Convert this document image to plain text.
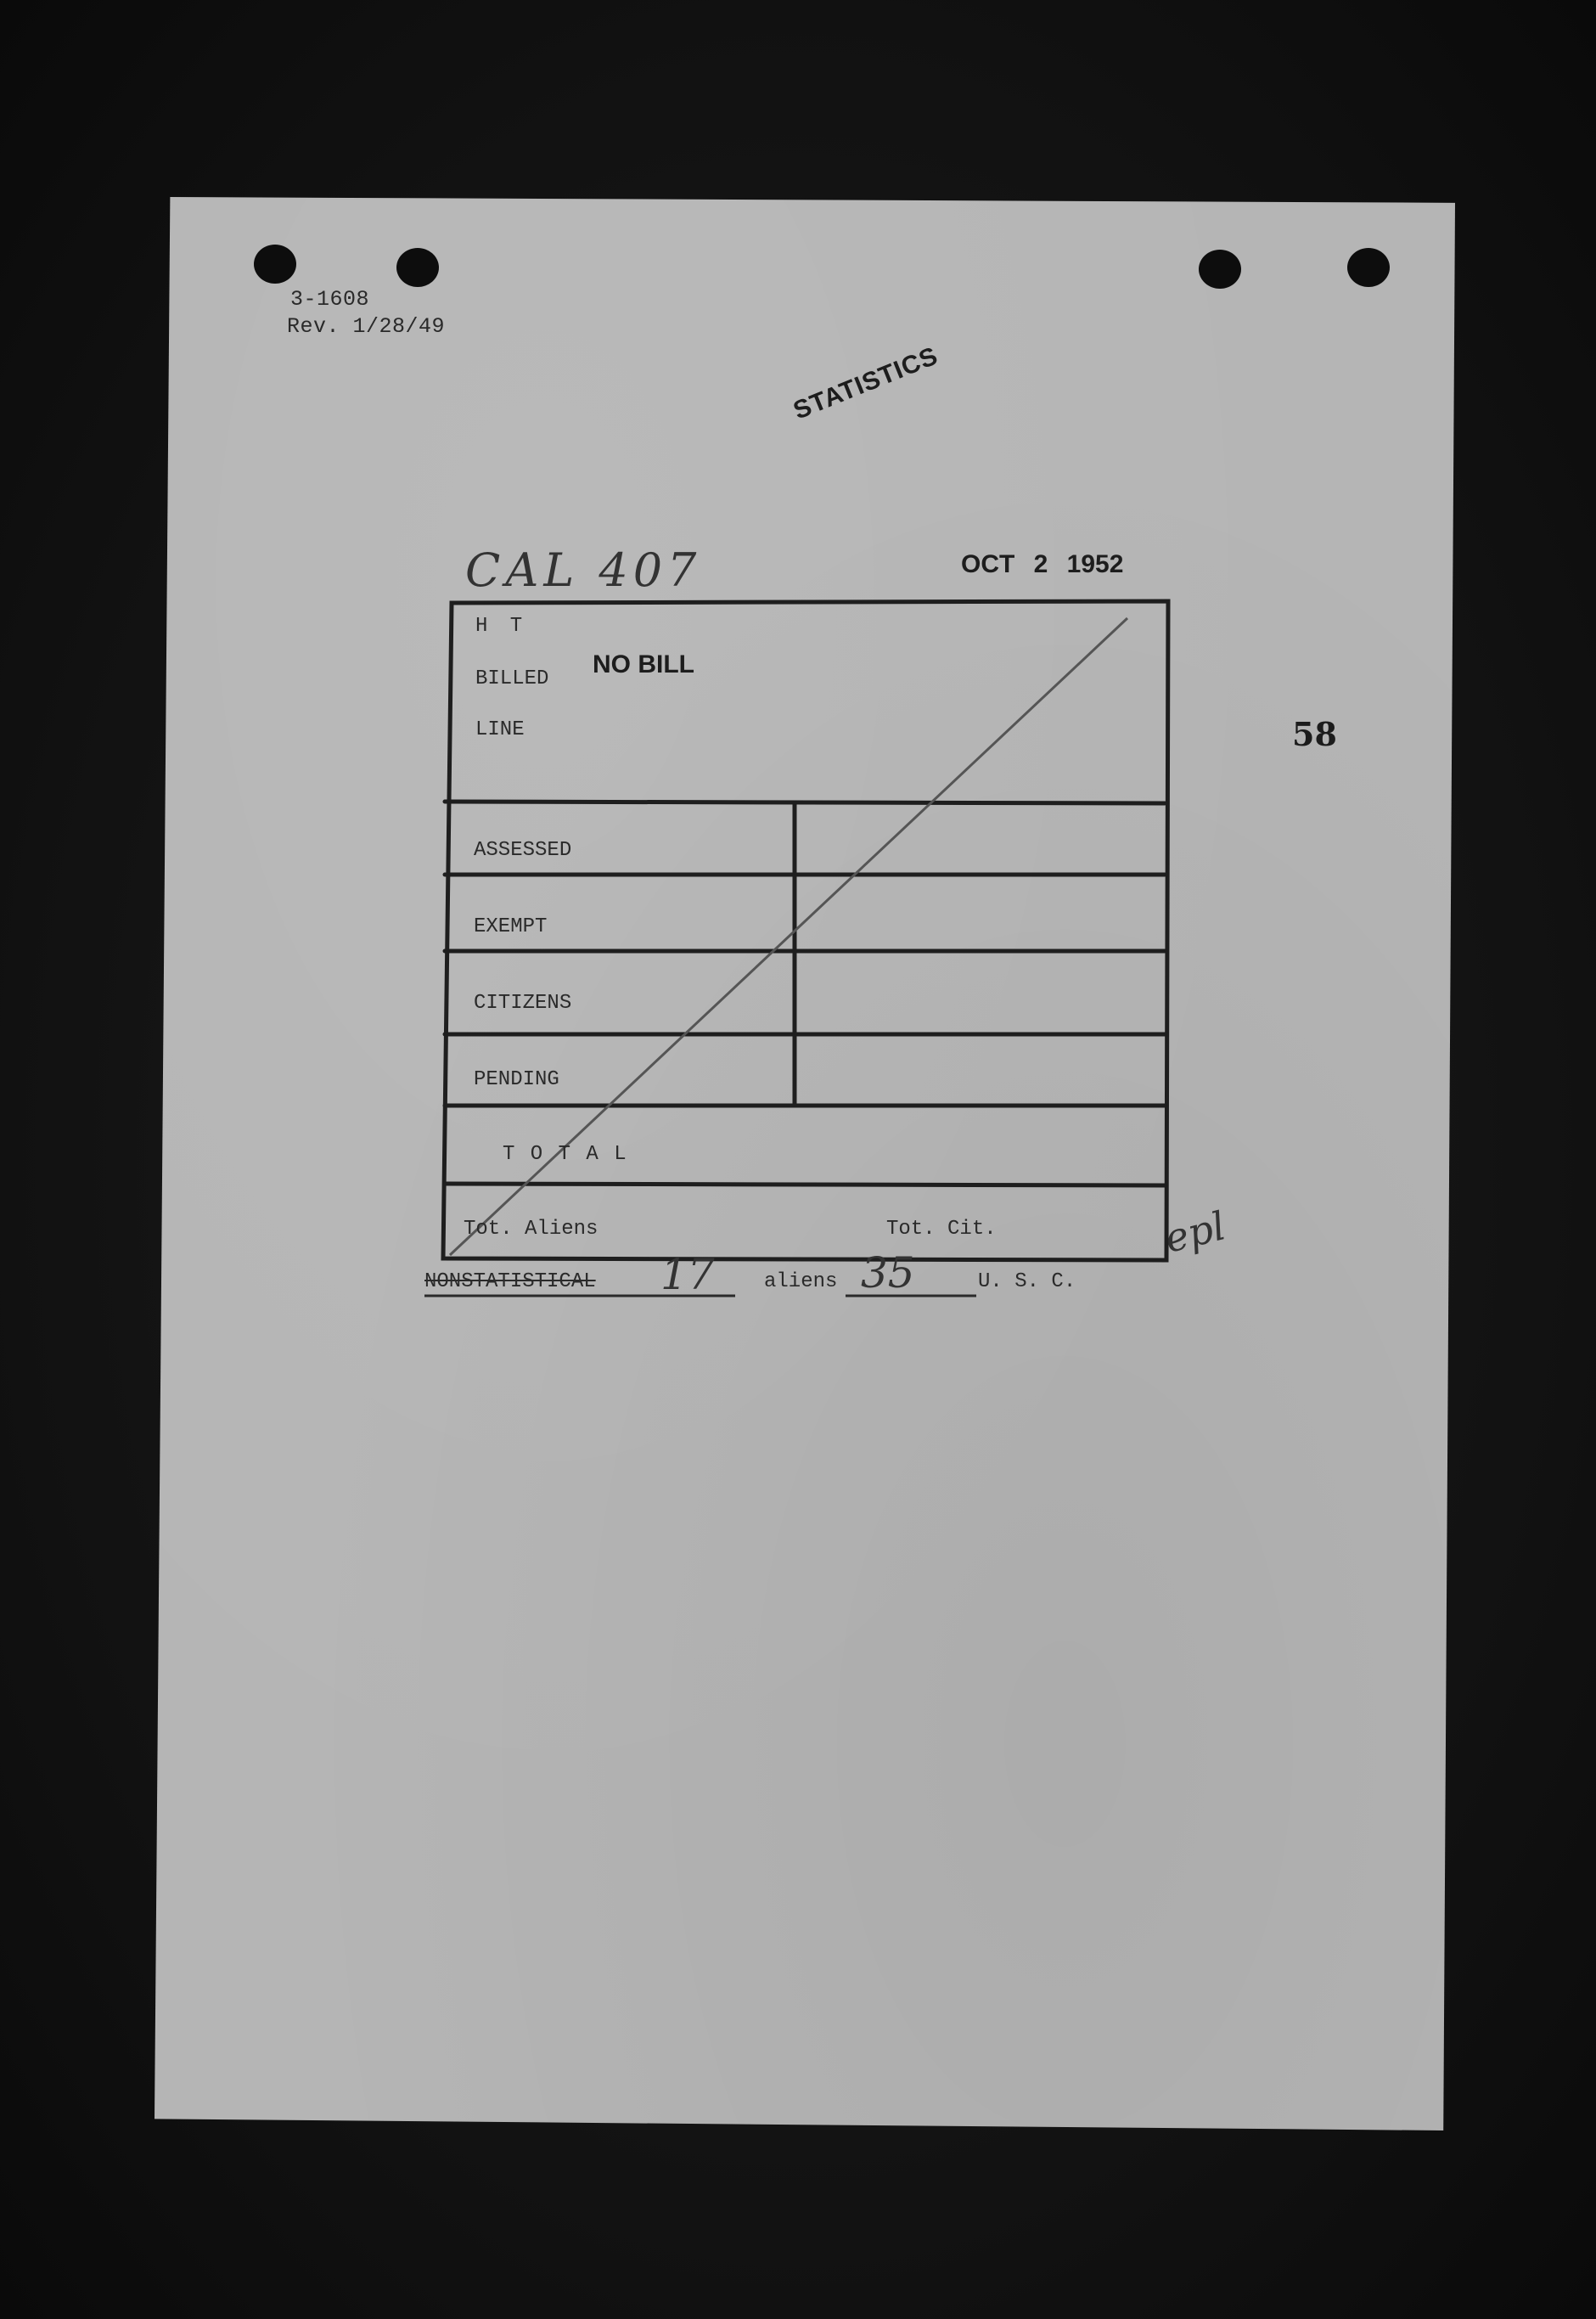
3-1608
Rev. 1/28/49
STATISTICS
CAL 407	OCT 2 1952
58
H T
BILLED
LINE
NO BILL
ASSESSED
EXEMPT
CITIZENS
PENDING
T O T A L
Tot. Aliens	Tot. Cit.	epl
NONSTATISTICAL 17 aliens 35	U. S. C.
